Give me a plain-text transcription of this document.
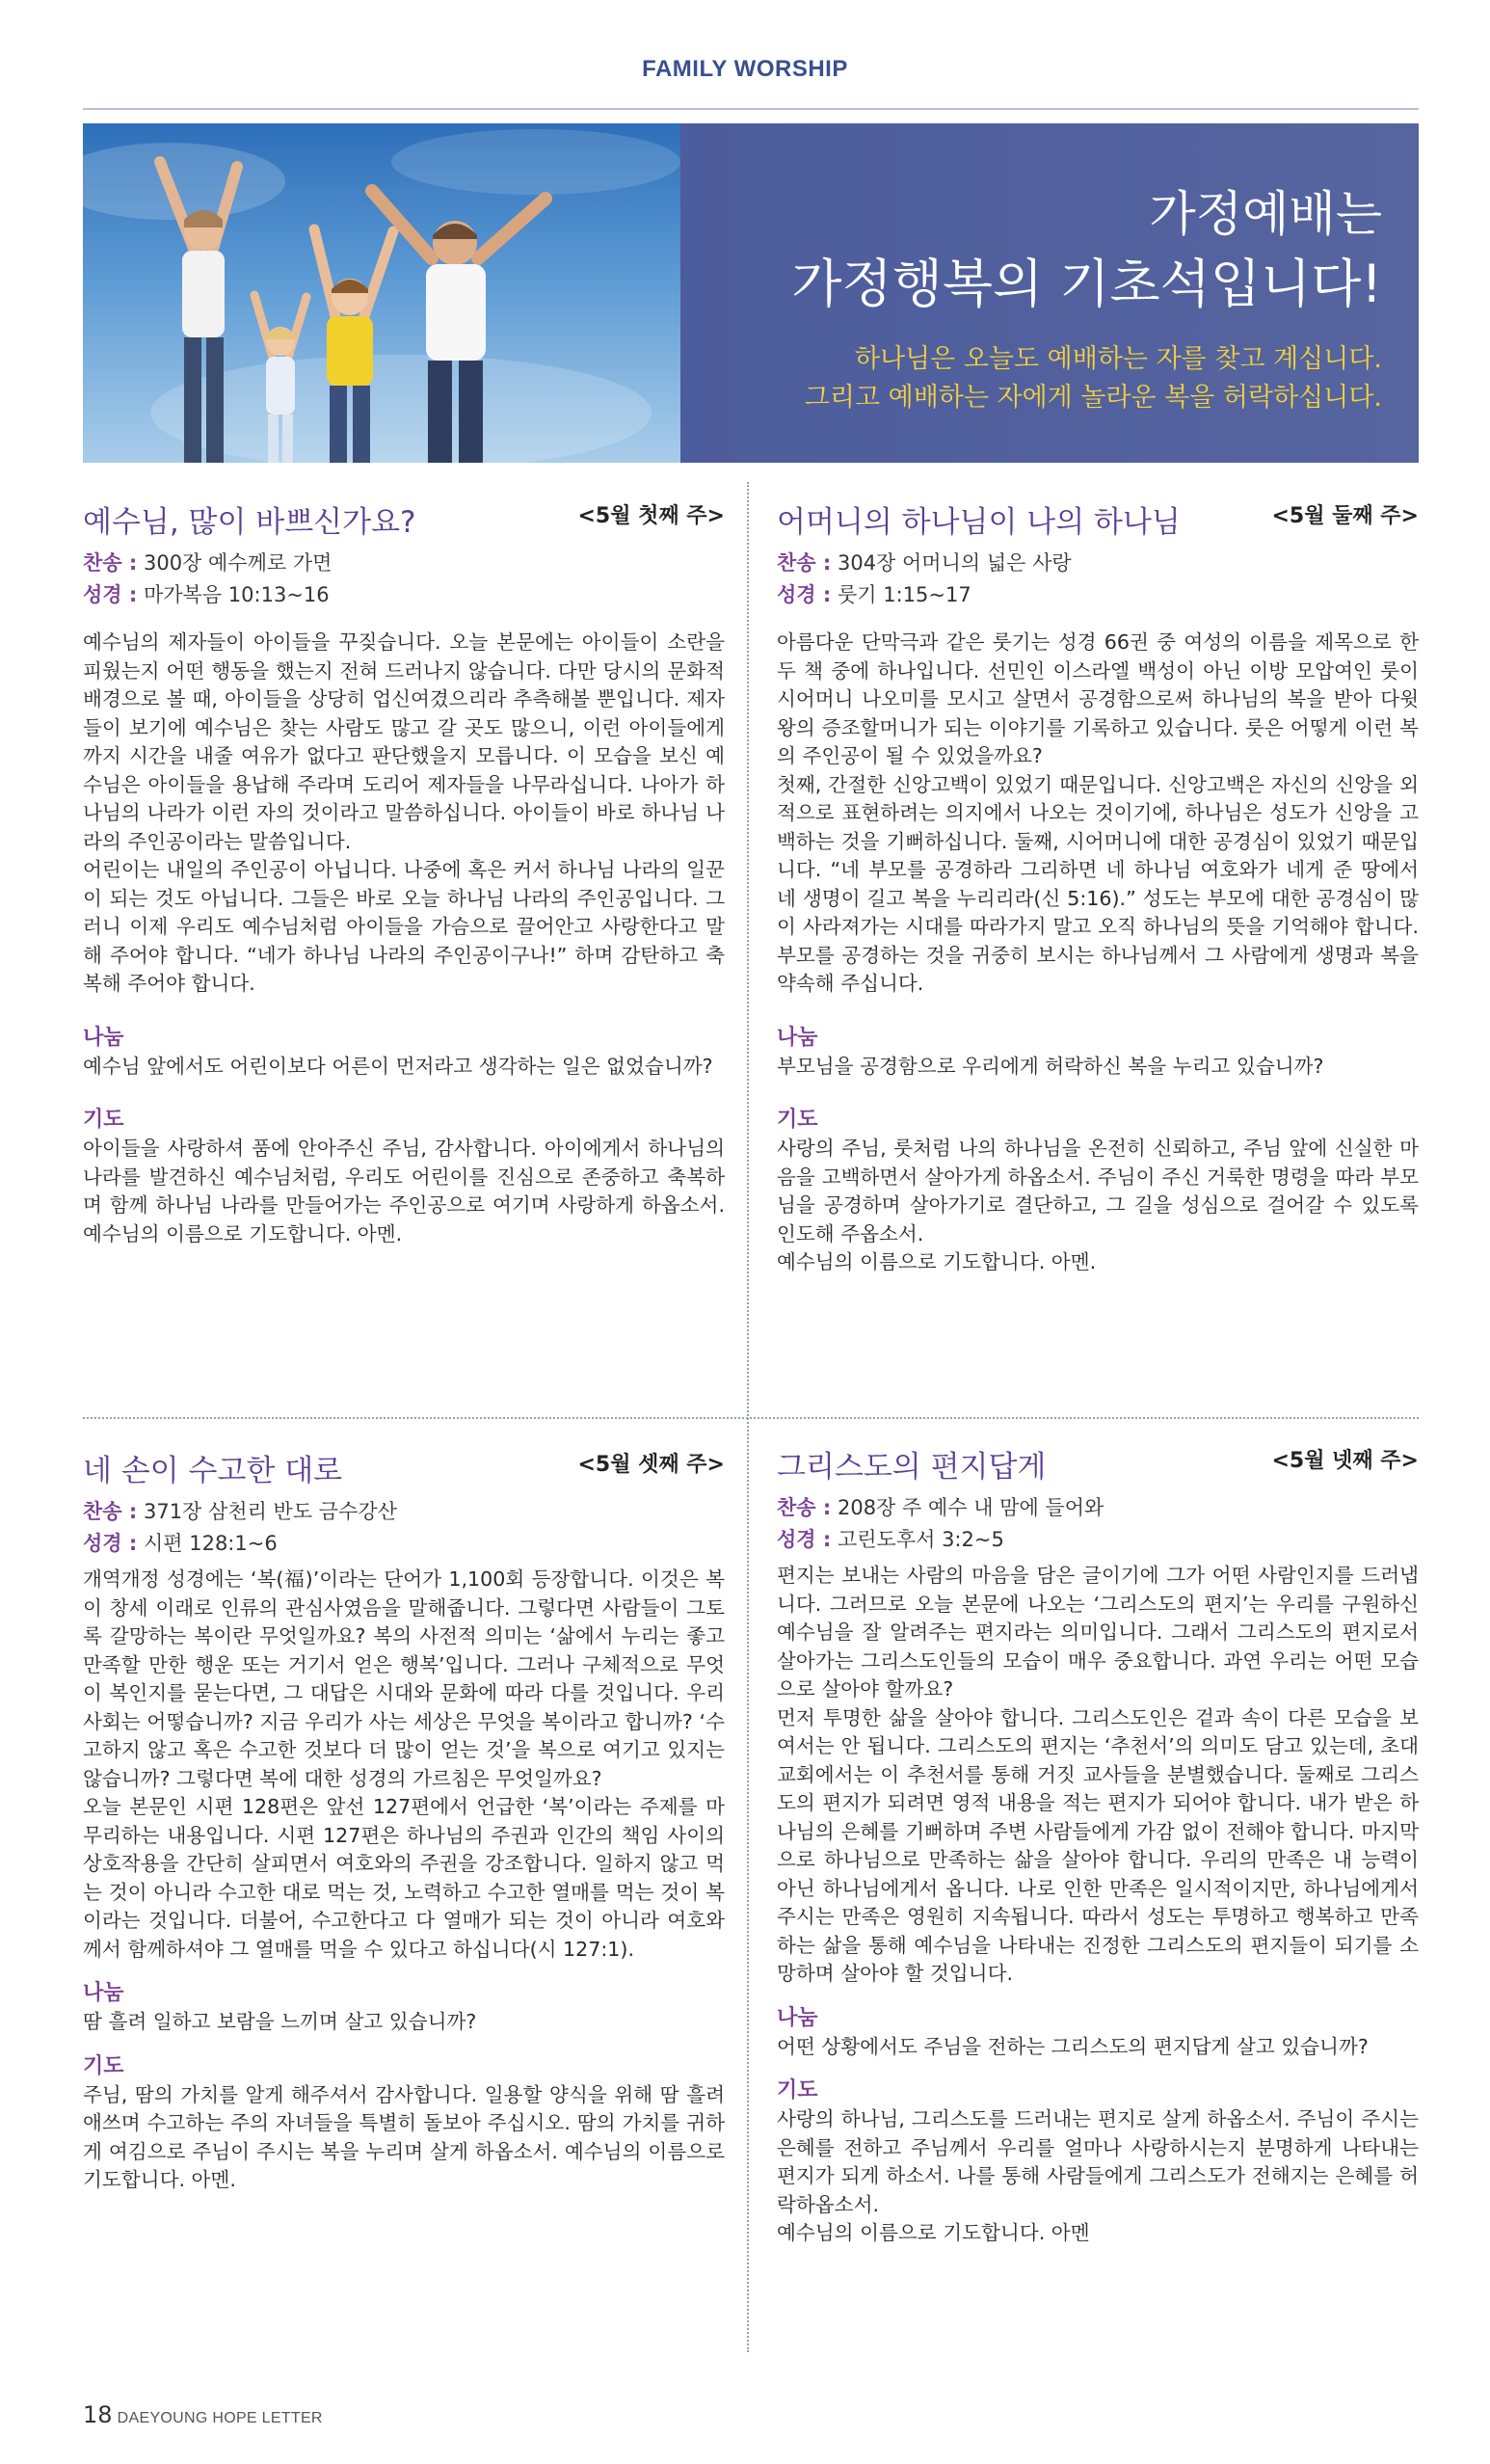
FAMILY WORSHIP
가정예배는
가정행복의 기초석입니다!
하나님은 오늘도 예배하는 자를 찾고 계십니다.
그리고 예배하는 자에게 놀라운 복을 허락하십니다.
예수님, 많이 바쁘신가요?	<5월 첫째 주>
찬송 : 300장 예수께로 가면
성경 : 마가복음 10:13~16

예수님의 제자들이 아이들을 꾸짖습니다. 오늘 본문에는 아이들이 소란을 피웠는지 어떤 행동을 했는지 전혀 드러나지 않습니다. 다만 당시의 문화적 배경으로 볼 때, 아이들을 상당히 업신여겼으리라 추측해볼 뿐입니다. 제자들이 보기에 예수님은 찾는 사람도 많고 갈 곳도 많으니, 이런 아이들에게까지 시간을 내줄 여유가 없다고 판단했을지 모릅니다. 이 모습을 보신 예수님은 아이들을 용납해 주라며 도리어 제자들을 나무라십니다. 나아가 하나님의 나라가 이런 자의 것이라고 말씀하십니다. 아이들이 바로 하나님 나라의 주인공이라는 말씀입니다.

어린이는 내일의 주인공이 아닙니다. 나중에 혹은 커서 하나님 나라의 일꾼이 되는 것도 아닙니다. 그들은 바로 오늘 하나님 나라의 주인공입니다. 그러니 이제 우리도 예수님처럼 아이들을 가슴으로 끌어안고 사랑한다고 말해 주어야 합니다. “네가 하나님 나라의 주인공이구나!” 하며 감탄하고 축복해 주어야 합니다.

나눔
예수님 앞에서도 어린이보다 어른이 먼저라고 생각하는 일은 없었습니까?
기도
아이들을 사랑하셔 품에 안아주신 주님, 감사합니다. 아이에게서 하나님의 나라를 발견하신 예수님처럼, 우리도 어린이를 진심으로 존중하고 축복하며 함께 하나님 나라를 만들어가는 주인공으로 여기며 사랑하게 하옵소서. 예수님의 이름으로 기도합니다. 아멘.
어머니의 하나님이 나의 하나님	<5월 둘째 주>
찬송 : 304장 어머니의 넓은 사랑
성경 : 룻기 1:15~17

아름다운 단막극과 같은 룻기는 성경 66권 중 여성의 이름을 제목으로 한 두 책 중에 하나입니다. 선민인 이스라엘 백성이 아닌 이방 모압여인 룻이 시어머니 나오미를 모시고 살면서 공경함으로써 하나님의 복을 받아 다윗왕의 증조할머니가 되는 이야기를 기록하고 있습니다. 룻은 어떻게 이런 복의 주인공이 될 수 있었을까요?

첫째, 간절한 신앙고백이 있었기 때문입니다. 신앙고백은 자신의 신앙을 외적으로 표현하려는 의지에서 나오는 것이기에, 하나님은 성도가 신앙을 고백하는 것을 기뻐하십니다. 둘째, 시어머니에 대한 공경심이 있었기 때문입니다. “네 부모를 공경하라 그리하면 네 하나님 여호와가 네게 준 땅에서 네 생명이 길고 복을 누리리라(신 5:16).” 성도는 부모에 대한 공경심이 많이 사라져가는 시대를 따라가지 말고 오직 하나님의 뜻을 기억해야 합니다. 부모를 공경하는 것을 귀중히 보시는 하나님께서 그 사람에게 생명과 복을 약속해 주십니다.

나눔
부모님을 공경함으로 우리에게 허락하신 복을 누리고 있습니까?
기도
사랑의 주님, 룻처럼 나의 하나님을 온전히 신뢰하고, 주님 앞에 신실한 마음을 고백하면서 살아가게 하옵소서. 주님이 주신 거룩한 명령을 따라 부모님을 공경하며 살아가기로 결단하고, 그 길을 성심으로 걸어갈 수 있도록 인도해 주옵소서.
예수님의 이름으로 기도합니다. 아멘.
네 손이 수고한 대로	<5월 셋째 주>
찬송 : 371장 삼천리 반도 금수강산
성경 : 시편 128:1~6

개역개정 성경에는 ‘복(福)’이라는 단어가 1,100회 등장합니다. 이것은 복이 창세 이래로 인류의 관심사였음을 말해줍니다. 그렇다면 사람들이 그토록 갈망하는 복이란 무엇일까요? 복의 사전적 의미는 ‘삶에서 누리는 좋고 만족할 만한 행운 또는 거기서 얻은 행복’입니다. 그러나 구체적으로 무엇이 복인지를 묻는다면, 그 대답은 시대와 문화에 따라 다를 것입니다. 우리 사회는 어떻습니까? 지금 우리가 사는 세상은 무엇을 복이라고 합니까? ‘수고하지 않고 혹은 수고한 것보다 더 많이 얻는 것’을 복으로 여기고 있지는 않습니까? 그렇다면 복에 대한 성경의 가르침은 무엇일까요?

오늘 본문인 시편 128편은 앞선 127편에서 언급한 ‘복’이라는 주제를 마무리하는 내용입니다. 시편 127편은 하나님의 주권과 인간의 책임 사이의 상호작용을 간단히 살피면서 여호와의 주권을 강조합니다. 일하지 않고 먹는 것이 아니라 수고한 대로 먹는 것, 노력하고 수고한 열매를 먹는 것이 복이라는 것입니다. 더불어, 수고한다고 다 열매가 되는 것이 아니라 여호와께서 함께하셔야 그 열매를 먹을 수 있다고 하십니다(시 127:1).

나눔
땀 흘려 일하고 보람을 느끼며 살고 있습니까?
기도
주님, 땀의 가치를 알게 해주셔서 감사합니다. 일용할 양식을 위해 땀 흘려 애쓰며 수고하는 주의 자녀들을 특별히 돌보아 주십시오. 땀의 가치를 귀하게 여김으로 주님이 주시는 복을 누리며 살게 하옵소서. 예수님의 이름으로 기도합니다. 아멘.
그리스도의 편지답게	<5월 넷째 주>
찬송 : 208장 주 예수 내 맘에 들어와
성경 : 고린도후서 3:2~5

편지는 보내는 사람의 마음을 담은 글이기에 그가 어떤 사람인지를 드러냅니다. 그러므로 오늘 본문에 나오는 ‘그리스도의 편지’는 우리를 구원하신 예수님을 잘 알려주는 편지라는 의미입니다. 그래서 그리스도의 편지로서 살아가는 그리스도인들의 모습이 매우 중요합니다. 과연 우리는 어떤 모습으로 살아야 할까요?

먼저 투명한 삶을 살아야 합니다. 그리스도인은 겉과 속이 다른 모습을 보여서는 안 됩니다. 그리스도의 편지는 ‘추천서’의 의미도 담고 있는데, 초대 교회에서는 이 추천서를 통해 거짓 교사들을 분별했습니다. 둘째로 그리스도의 편지가 되려면 영적 내용을 적는 편지가 되어야 합니다. 내가 받은 하나님의 은혜를 기뻐하며 주변 사람들에게 가감 없이 전해야 합니다. 마지막으로 하나님으로 만족하는 삶을 살아야 합니다. 우리의 만족은 내 능력이 아닌 하나님에게서 옵니다. 나로 인한 만족은 일시적이지만, 하나님에게서 주시는 만족은 영원히 지속됩니다. 따라서 성도는 투명하고 행복하고 만족하는 삶을 통해 예수님을 나타내는 진정한 그리스도의 편지들이 되기를 소망하며 살아야 할 것입니다.

나눔
어떤 상황에서도 주님을 전하는 그리스도의 편지답게 살고 있습니까?
기도
사랑의 하나님, 그리스도를 드러내는 편지로 살게 하옵소서. 주님이 주시는 은혜를 전하고 주님께서 우리를 얼마나 사랑하시는지 분명하게 나타내는 편지가 되게 하소서. 나를 통해 사람들에게 그리스도가 전해지는 은혜를 허락하옵소서.
예수님의 이름으로 기도합니다. 아멘
18 DAEYOUNG HOPE LETTER
